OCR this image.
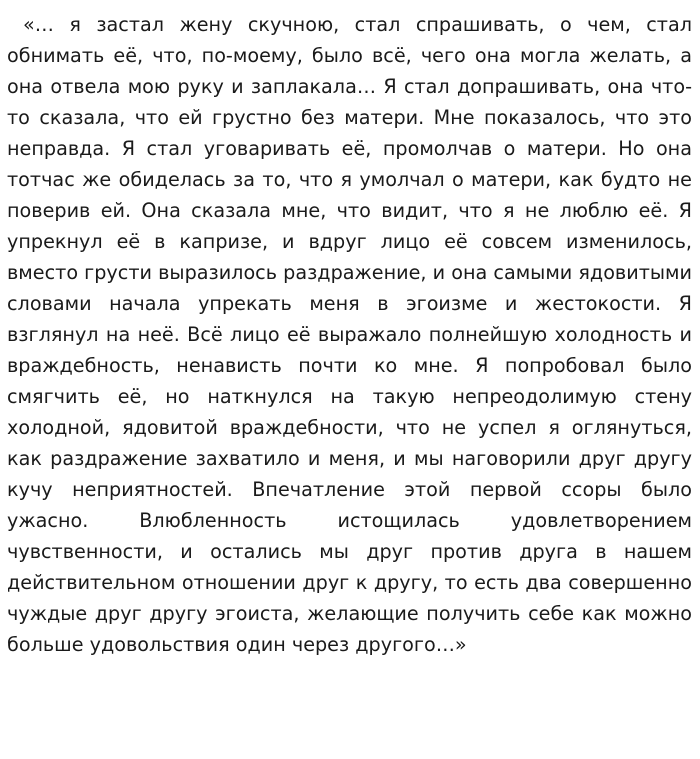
«… я застал жену скучною, стал спрашивать, о чем, стал обнимать её, что, по-моему, было всё, чего она могла желать, а она отвела мою руку и заплакала… Я стал допрашивать, она что-то сказала, что ей грустно без матери. Мне показалось, что это неправда. Я стал уговаривать её, промолчав о матери. Но она тотчас же обиделась за то, что я умолчал о матери, как будто не поверив ей. Она сказала мне, что видит, что я не люблю её. Я упрекнул её в капризе, и вдруг лицо её совсем изменилось, вместо грусти выразилось раздражение, и она самыми ядовитыми словами начала упрекать меня в эгоизме и жестокости. Я взглянул на неё. Всё лицо её выражало полнейшую холодность и враждебность, ненависть почти ко мне. Я попробовал было смягчить её, но наткнулся на такую непреодолимую стену холодной, ядовитой враждебности, что не успел я оглянуться, как раздражение захватило и меня, и мы наговорили друг другу кучу неприятностей. Впечатление этой первой ссоры было ужасно. Влюбленность истощилась удовлетворением чувственности, и остались мы друг против друга в нашем действительном отношении друг к другу, то есть два совершенно чуждые друг другу эгоиста, желающие получить себе как можно больше удовольствия один через другого…»
